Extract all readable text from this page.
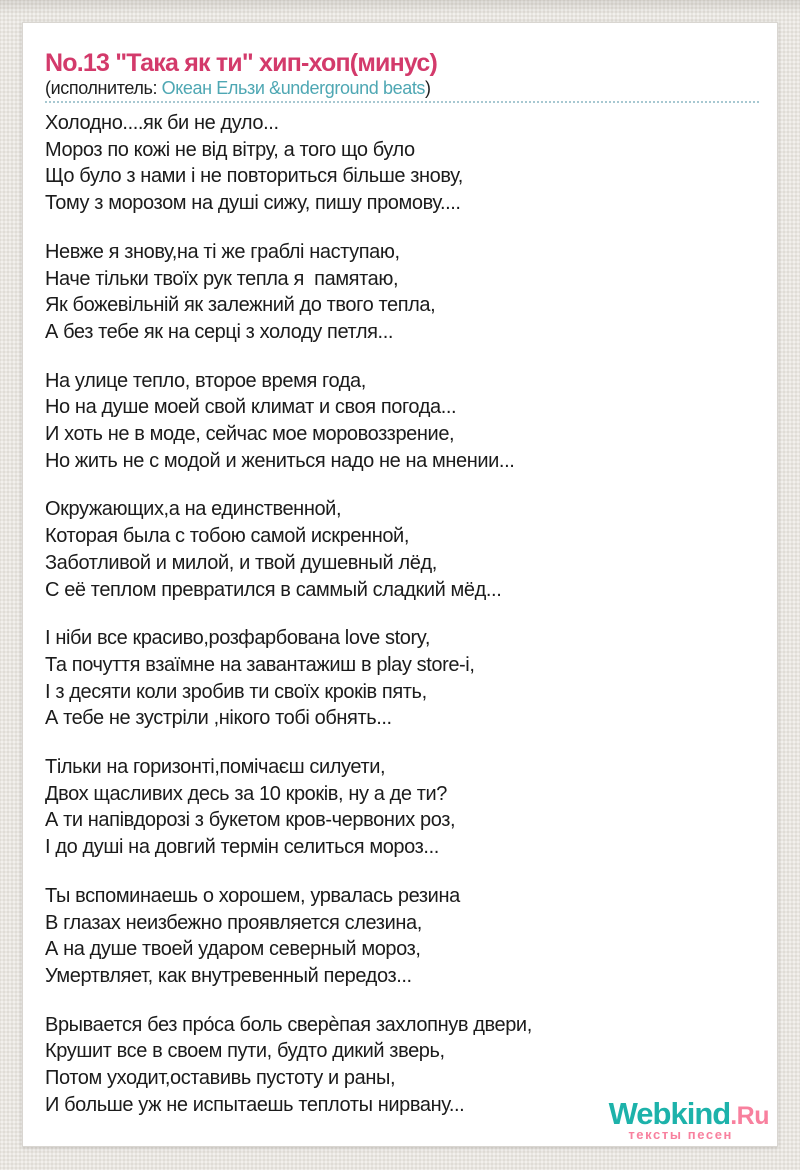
No.13 "Така як ти" хип-хоп(минус)
(исполнитель: Океан Ельзи &underground beats)
Холодно....як би не дуло...
Мороз по кожі не від вітру, а того що було
Що було з нами і не повториться більше знову,
Тому з морозом на душі сижу, пишу промову....
Невже я знову,на ті же граблі наступаю,
Наче тільки твоїх рук тепла я  памятаю,
Як божевільній як залежний до твого тепла,
А без тебе як на серці з холоду петля...
На улице тепло, второе время года,
Но на душе моей свой климат и своя погода...
И хоть не в моде, сейчас мое моровоззрение,
Но жить не с модой и жениться надо не на мнении...
Окружающих,а на единственной,
Которая была с тобою самой искренной,
Заботливой и милой, и твой душевный лёд,
С её теплом превратился в саммый сладкий мёд...
І ніби все красиво,розфарбована love story,
Та почуття взаїмне на завантажиш в play store-і,
І з десяти коли зробив ти своїх кроків пять,
А тебе не зустріли ,нікого тобі обнять...
Тільки на горизонті,помічаєш силуети,
Двох щасливих десь за 10 кроків, ну а де ти?
А ти напівдорозі з букетом кров-червоних роз,
І до душі на довгий термін селиться мороз...
Ты вспоминаешь о хорошем, урвалась резина
В глазах неизбежно проявляется слезина,
А на душе твоей ударом северный мороз,
Умертвляет, как внутревенный передоз...
Врывается без про́са боль сверѐпая захлопнув двери,
Крушит все в своем пути, будто дикий зверь,
Потом уходит,оставивь пустоту и раны,
И больше уж не испытаешь теплоты нирвану...	Webkind.Ru
тексты песен
